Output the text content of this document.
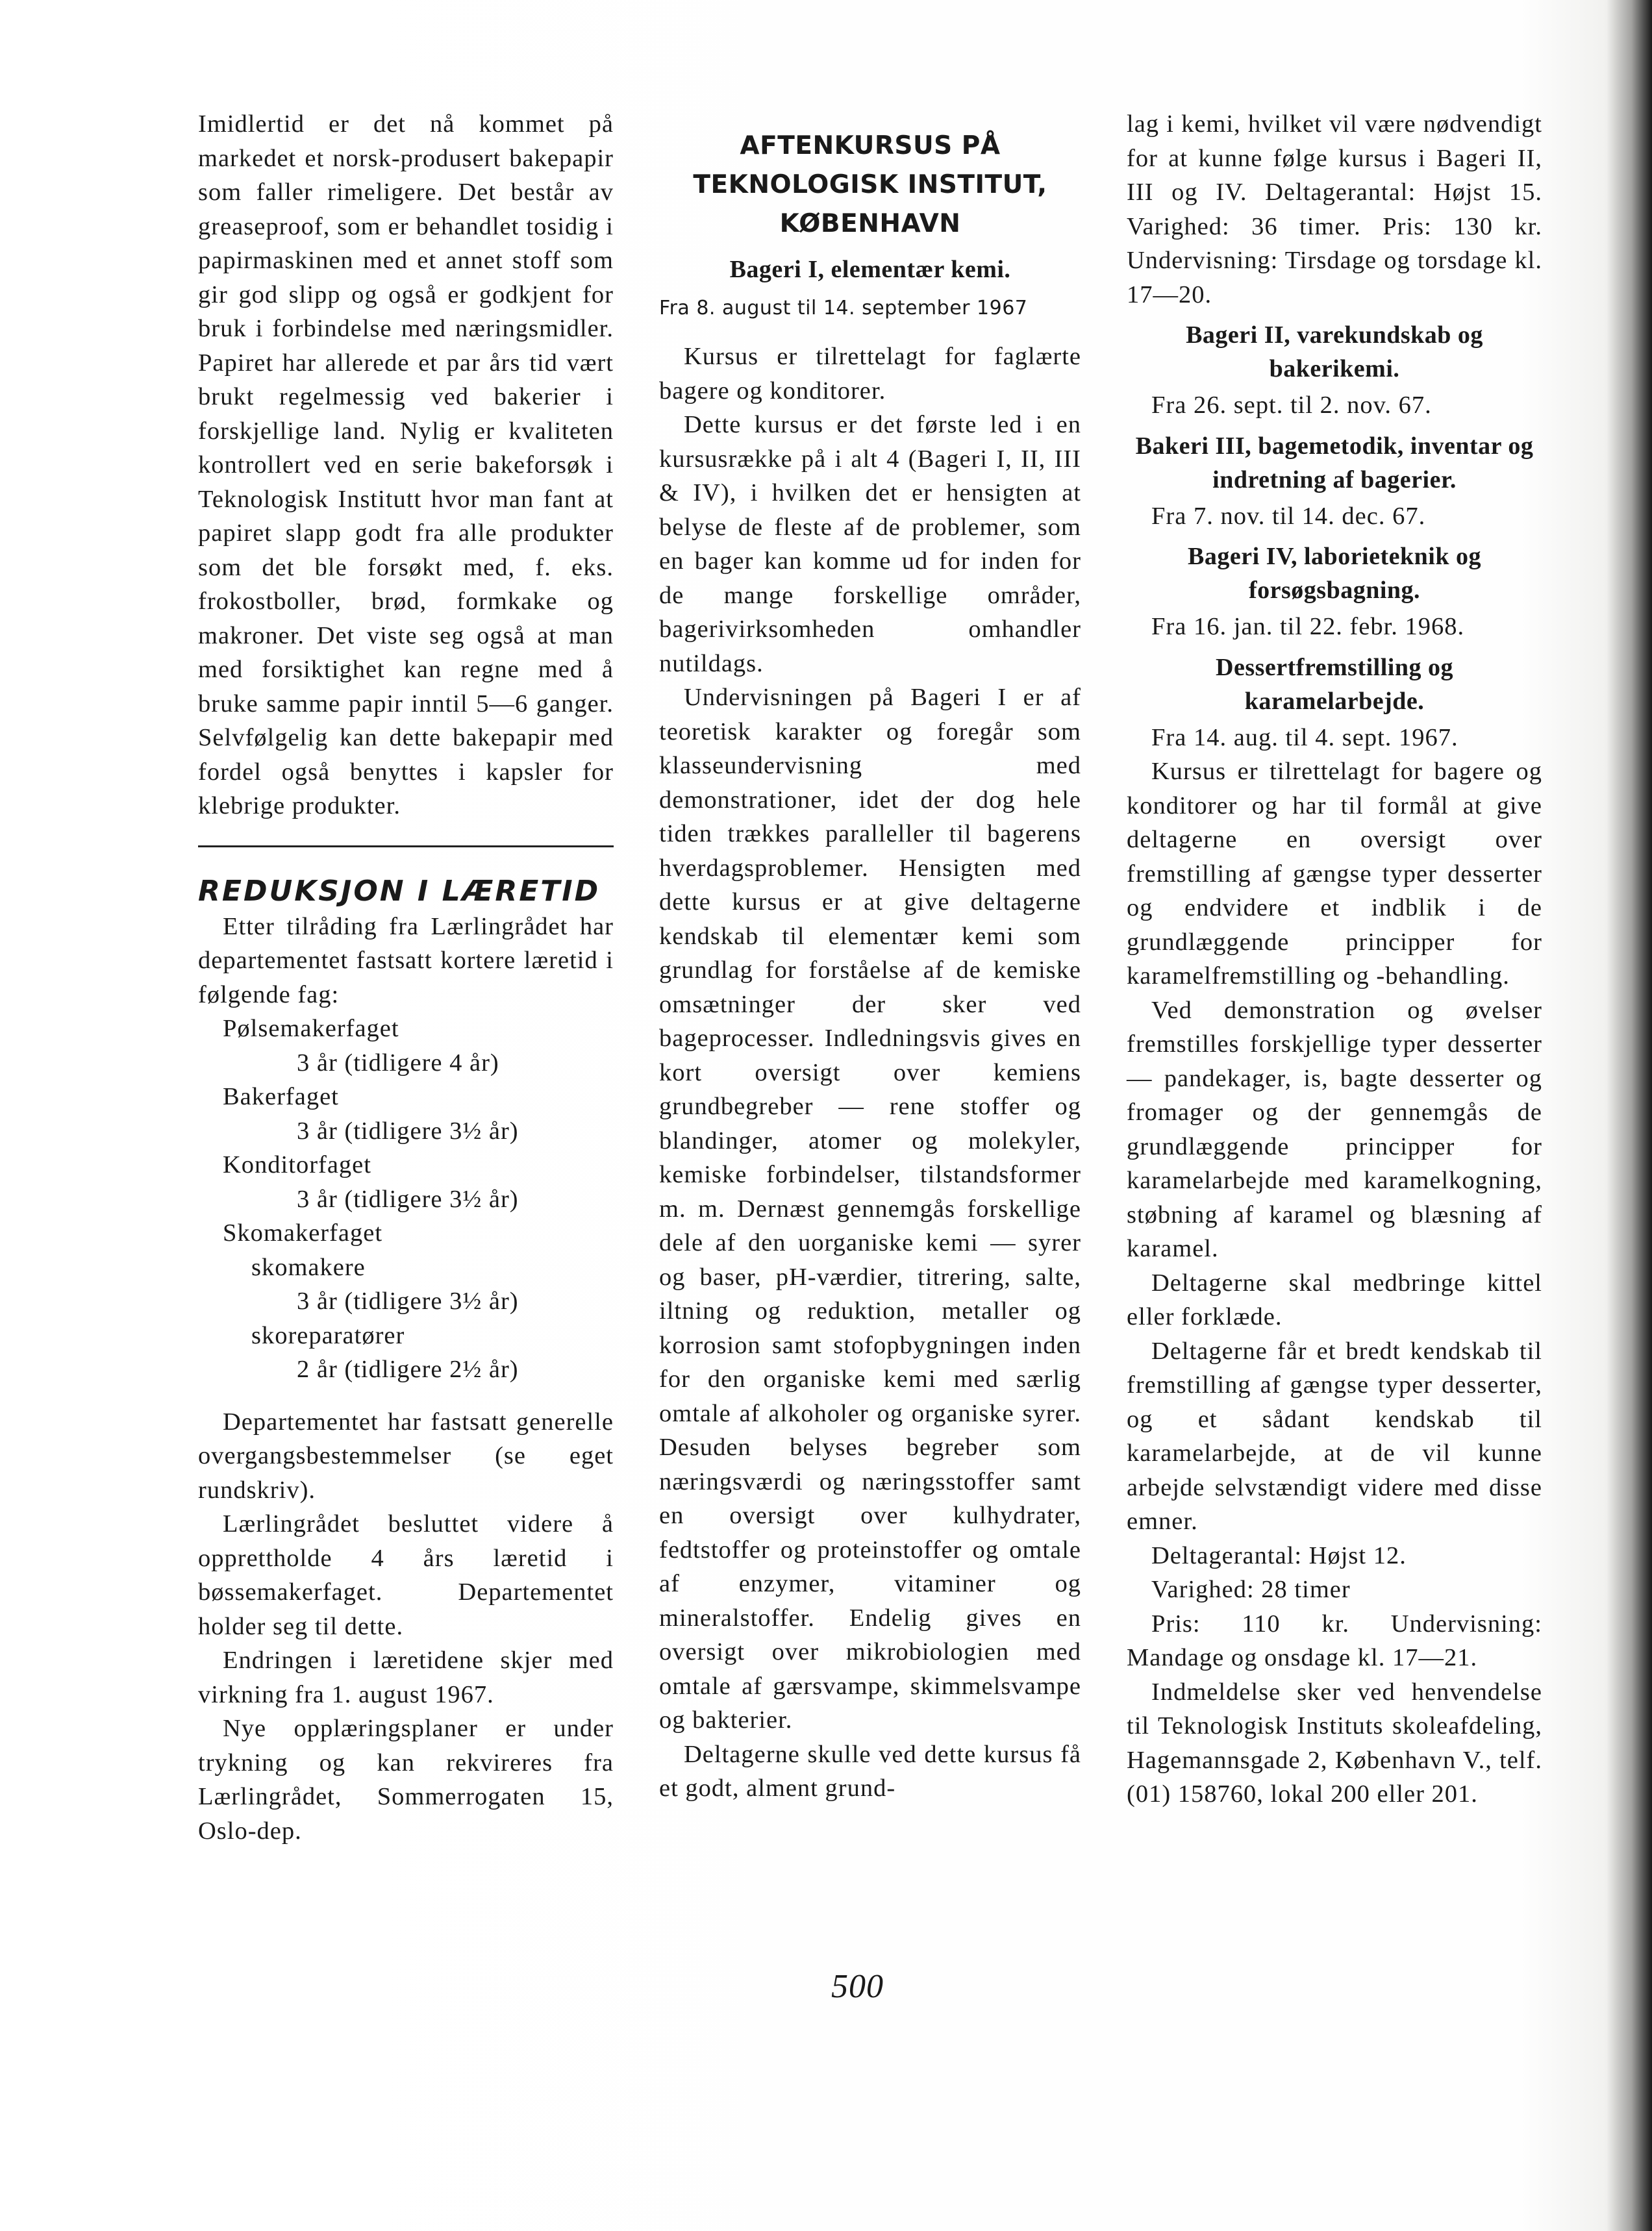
Imidlertid er det nå kommet på markedet et norsk-produsert bakepapir som faller rimeligere. Det består av greaseproof, som er behandlet tosidig i papirmaskinen med et annet stoff som gir god slipp og også er godkjent for bruk i forbindelse med næringsmidler. Papiret har allerede et par års tid vært brukt regelmessig ved bakerier i forskjellige land. Nylig er kvaliteten kontrollert ved en serie bakeforsøk i Teknologisk Institutt hvor man fant at papiret slapp godt fra alle produkter som det ble forsøkt med, f. eks. frokostboller, brød, formkake og makroner. Det viste seg også at man med forsiktighet kan regne med å bruke samme papir inntil 5—6 ganger. Selvfølgelig kan dette bakepapir med fordel også benyttes i kapsler for klebrige produkter.

REDUKSJON I LÆRETID

Etter tilråding fra Lærlingrådet har departementet fastsatt kortere læretid i følgende fag:

Pølsemakerfaget
3 år (tidligere 4 år)
Bakerfaget
3 år (tidligere 3½ år)
Konditorfaget
3 år (tidligere 3½ år)
Skomakerfaget
skomakere
3 år (tidligere 3½ år)
skoreparatører
2 år (tidligere 2½ år)

Departementet har fastsatt generelle overgangsbestemmelser (se eget rundskriv).

Lærlingrådet besluttet videre å opprettholde 4 års læretid i bøssemakerfaget. Departementet holder seg til dette.

Endringen i læretidene skjer med virkning fra 1. august 1967.

Nye opplæringsplaner er under trykning og kan rekvireres fra Lærlingrådet, Sommerrogaten 15, Oslo-dep.

AFTENKURSUS PÅ
TEKNOLOGISK INSTITUT,
KØBENHAVN
Bageri I, elementær kemi.
Fra 8. august til 14. september 1967

Kursus er tilrettelagt for faglærte bagere og konditorer.

Dette kursus er det første led i en kursusrække på i alt 4 (Bageri I, II, III & IV), i hvilken det er hensigten at belyse de fleste af de problemer, som en bager kan komme ud for inden for de mange forskellige områder, bagerivirksomheden omhandler nutildags.

Undervisningen på Bageri I er af teoretisk karakter og foregår som klasseundervisning med demonstrationer, idet der dog hele tiden trækkes paralleller til bagerens hverdagsproblemer. Hensigten med dette kursus er at give deltagerne kendskab til elementær kemi som grundlag for forståelse af de kemiske omsætninger der sker ved bageprocesser. Indledningsvis gives en kort oversigt over kemiens grundbegreber — rene stoffer og blandinger, atomer og molekyler, kemiske forbindelser, tilstandsformer m. m. Dernæst gennemgås forskellige dele af den uorganiske kemi — syrer og baser, pH-værdier, titrering, salte, iltning og reduktion, metaller og korrosion samt stofopbygningen inden for den organiske kemi med særlig omtale af alkoholer og organiske syrer. Desuden belyses begreber som næringsværdi og næringsstoffer samt en oversigt over kulhydrater, fedtstoffer og proteinstoffer og omtale af enzymer, vitaminer og mineralstoffer. Endelig gives en oversigt over mikrobiologien med omtale af gærsvampe, skimmelsvampe og bakterier.

Deltagerne skulle ved dette kursus få et godt, alment grund-

lag i kemi, hvilket vil være nødvendigt for at kunne følge kursus i Bageri II, III og IV. Deltagerantal: Højst 15. Varighed: 36 timer. Pris: 130 kr. Undervisning: Tirsdage og torsdage kl. 17—20.

Bageri II, varekundskab og bakerikemi.

Fra 26. sept. til 2. nov. 67.

Bakeri III, bagemetodik, inventar og indretning af bagerier.

Fra 7. nov. til 14. dec. 67.

Bageri IV, laborieteknik og forsøgsbagning.

Fra 16. jan. til 22. febr. 1968.

Dessertfremstilling og karamelarbejde.

Fra 14. aug. til 4. sept. 1967.

Kursus er tilrettelagt for bagere og konditorer og har til formål at give deltagerne en oversigt over fremstilling af gængse typer desserter og endvidere et indblik i de grundlæggende principper for karamelfremstilling og -behandling.

Ved demonstration og øvelser fremstilles forskjellige typer desserter — pandekager, is, bagte desserter og fromager og der gennemgås de grundlæggende principper for karamelarbejde med karamelkogning, støbning af karamel og blæsning af karamel.

Deltagerne skal medbringe kittel eller forklæde.

Deltagerne får et bredt kendskab til fremstilling af gængse typer desserter, og et sådant kendskab til karamelarbejde, at de vil kunne arbejde selvstændigt videre med disse emner.

Deltagerantal: Højst 12.

Varighed: 28 timer

Pris: 110 kr. Undervisning: Mandage og onsdage kl. 17—21.

Indmeldelse sker ved henvendelse til Teknologisk Instituts skoleafdeling, Hagemannsgade 2, København V., telf. (01) 158760, lokal 200 eller 201.

500
